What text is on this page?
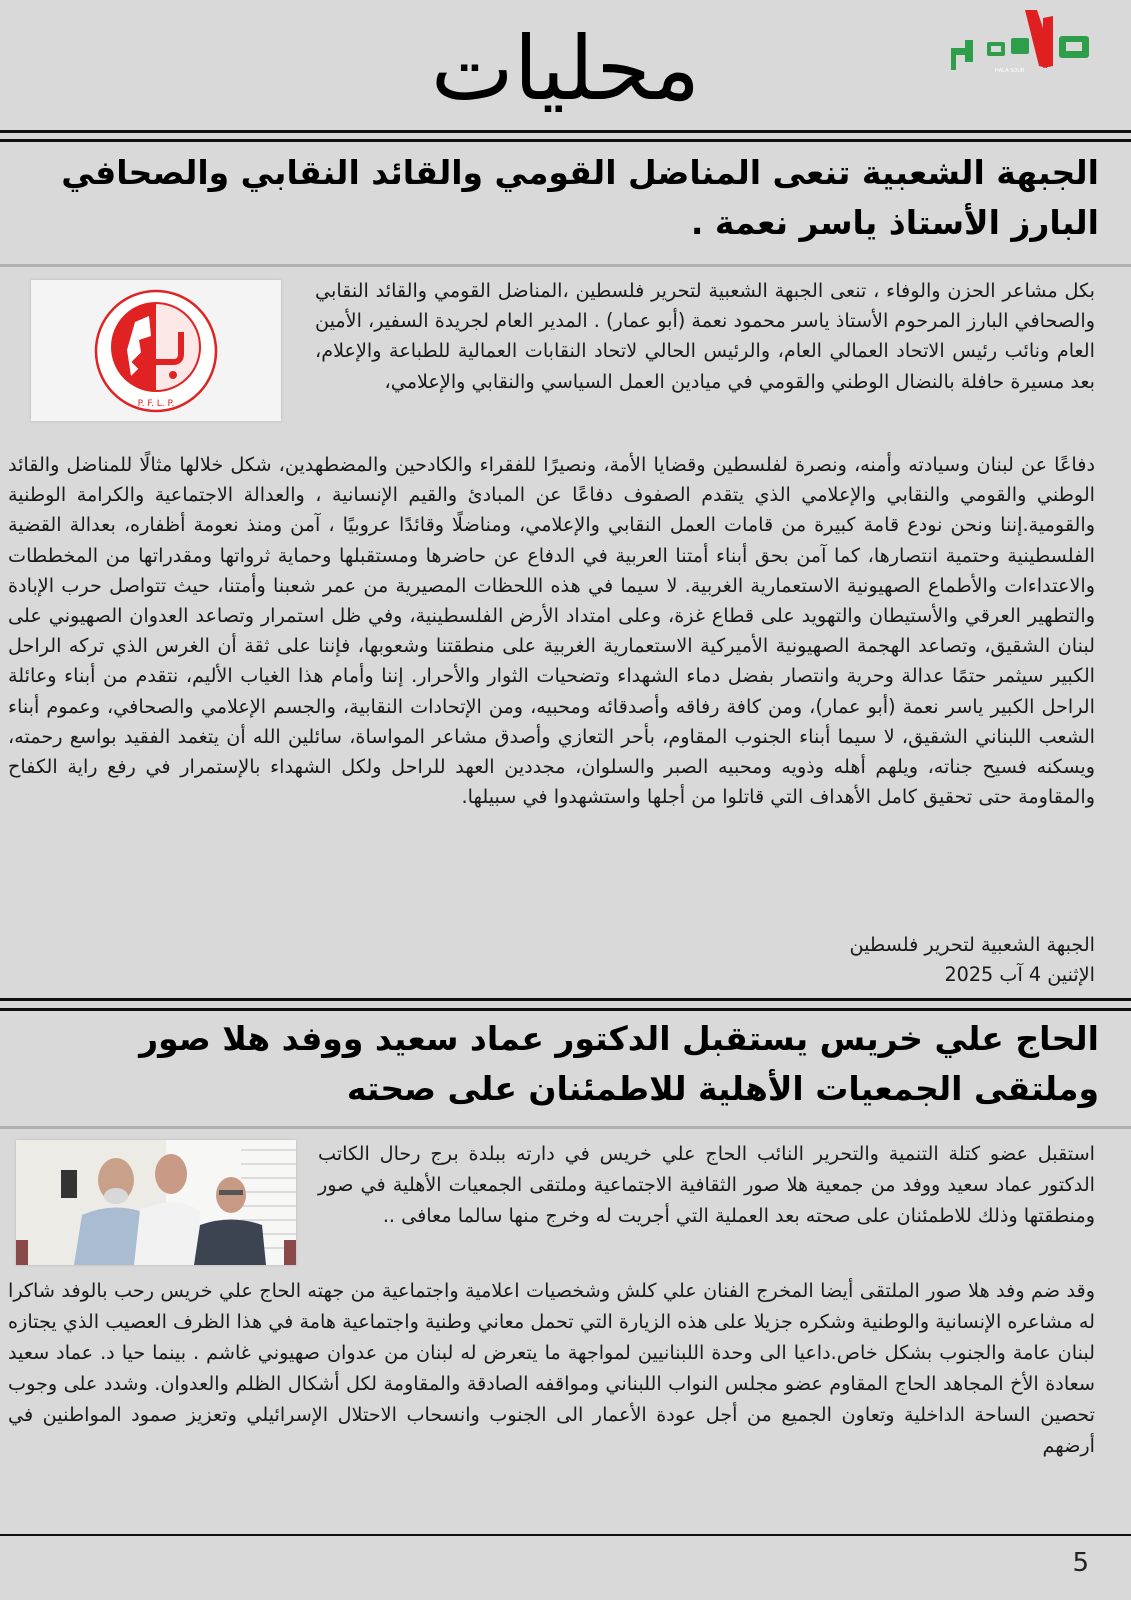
محليات	HALA SOUR
الجبهة الشعبية تنعى المناضل القومي والقائد النقابي والصحافي البارز الأستاذ ياسر نعمة .
P. F. L. P.

بكل مشاعر الحزن والوفاء ، تنعى الجبهة الشعبية لتحرير فلسطين ،المناضل القومي والقائد النقابي والصحافي البارز المرحوم الأستاذ ياسر محمود نعمة (أبو عمار) . المدير العام لجريدة السفير، الأمين العام ونائب رئيس الاتحاد العمالي العام، والرئيس الحالي لاتحاد النقابات العمالية للطباعة والإعلام، بعد مسيرة حافلة بالنضال الوطني والقومي في ميادين العمل السياسي والنقابي والإعلامي،

دفاعًا عن لبنان وسيادته وأمنه، ونصرة لفلسطين وقضايا الأمة، ونصيرًا للفقراء والكادحين والمضطهدين، شكل خلالها مثالًا للمناضل والقائد الوطني والقومي والنقابي والإعلامي الذي يتقدم الصفوف دفاعًا عن المبادئ والقيم الإنسانية ، والعدالة الاجتماعية والكرامة الوطنية والقومية.إننا ونحن نودع قامة كبيرة من قامات العمل النقابي والإعلامي، ومناضلًا وقائدًا عروبيًا ، آمن ومنذ نعومة أظفاره، بعدالة القضية الفلسطينية وحتمية انتصارها، كما آمن بحق أبناء أمتنا العربية في الدفاع عن حاضرها ومستقبلها وحماية ثرواتها ومقدراتها من المخططات والاعتداءات والأطماع الصهيونية الاستعمارية الغربية. لا سيما في هذه اللحظات المصيرية من عمر شعبنا وأمتنا، حيث تتواصل حرب الإبادة والتطهير العرقي والأستيطان والتهويد على قطاع غزة، وعلى امتداد الأرض الفلسطينية، وفي ظل استمرار وتصاعد العدوان الصهيوني على لبنان الشقيق، وتصاعد الهجمة الصهيونية الأميركية الاستعمارية الغربية على منطقتنا وشعوبها، فإننا على ثقة أن الغرس الذي تركه الراحل الكبير سيثمر حتمًا عدالة وحرية وانتصار بفضل دماء الشهداء وتضحيات الثوار والأحرار. إننا وأمام هذا الغياب الأليم، نتقدم من أبناء وعائلة الراحل الكبير ياسر نعمة (أبو عمار)، ومن كافة رفاقه وأصدقائه ومحبيه، ومن الإتحادات النقابية، والجسم الإعلامي والصحافي، وعموم أبناء الشعب اللبناني الشقيق، لا سيما أبناء الجنوب المقاوم، بأحر التعازي وأصدق مشاعر المواساة، سائلين الله أن يتغمد الفقيد بواسع رحمته، ويسكنه فسيح جناته، ويلهم أهله وذويه ومحبيه الصبر والسلوان، مجددين العهد للراحل ولكل الشهداء بالإستمرار في رفع راية الكفاح والمقاومة حتى تحقيق كامل الأهداف التي قاتلوا من أجلها واستشهدوا في سبيلها.

الجبهة الشعبية لتحرير فلسطين
الإثنين 4 آب 2025
الحاج علي خريس يستقبل الدكتور عماد سعيد ووفد هلا صور وملتقى الجمعيات الأهلية للاطمئنان على صحته

استقبل عضو كتلة التنمية والتحرير النائب الحاج علي خريس في دارته ببلدة برج رحال الكاتب الدكتور عماد سعيد ووفد من جمعية هلا صور الثقافية الاجتماعية وملتقى الجمعيات الأهلية في صور ومنطقتها وذلك للاطمئنان على صحته بعد العملية التي أجريت له وخرج منها سالما معافى ..

وقد ضم وفد هلا صور الملتقى أيضا المخرج الفنان علي كلش وشخصيات اعلامية واجتماعية من جهته الحاج علي خريس رحب بالوفد شاكرا له مشاعره الإنسانية والوطنية وشكره جزيلا على هذه الزيارة التي تحمل معاني وطنية واجتماعية هامة في هذا الظرف العصيب الذي يجتازه لبنان عامة والجنوب بشكل خاص.داعيا الى وحدة اللبنانيين لمواجهة ما يتعرض له لبنان من عدوان صهيوني غاشم . بينما حيا د. عماد سعيد سعادة الأخ المجاهد الحاج المقاوم عضو مجلس النواب اللبناني ومواقفه الصادقة والمقاومة لكل أشكال الظلم والعدوان. وشدد على وجوب تحصين الساحة الداخلية وتعاون الجميع من أجل عودة الأعمار الى الجنوب وانسحاب الاحتلال الإسرائيلي وتعزيز صمود المواطنين في أرضهم

5
